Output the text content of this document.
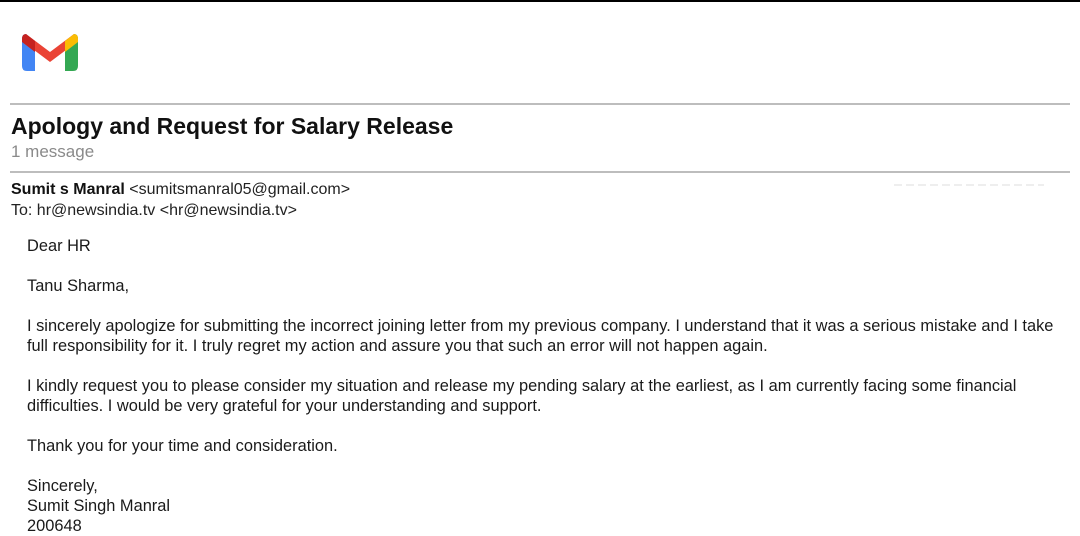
Apology and Request for Salary Release
1 message
Sumit s Manral <sumitsmanral05@gmail.com>
To: hr@newsindia.tv <hr@newsindia.tv>

Dear HR

Tanu Sharma,

I sincerely apologize for submitting the incorrect joining letter from my previous company. I understand that it was a serious mistake and I take full responsibility for it. I truly regret my action and assure you that such an error will not happen again.

I kindly request you to please consider my situation and release my pending salary at the earliest, as I am currently facing some financial difficulties. I would be very grateful for your understanding and support.

Thank you for your time and consideration.

Sincerely,

Sumit Singh Manral

200648
